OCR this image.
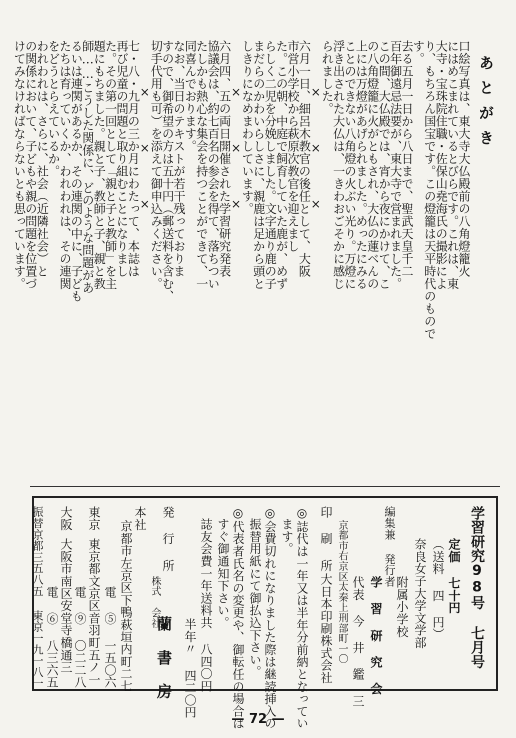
あとがき
口絵写真は、東大寺大仏殿前の八角燈籠火
にはめこまれているとびらです。これは、東
大寺・宝珠院住職・佐保山堯海氏の撮影によ
り、もちろん国宝です。この燈籠は天平時代のもので
す。
去る五月一日から八日まで、聖武天皇千二
百年御遠忌法要が、東大寺で営まれました。
この間、大仏殿では、宵から夜にかけて、こ
の八角燈籠に火がともされ、大仏の蓮ベんの
上には万燈があげられました。めったにみる
ことのできない八角燈の火ぶい光り。万燈に
浮き出された大仏は、一きわおごそかに感じ
られました。
× × ×
六月一日、細呂木教官の後任として、大阪
市営小学校から萩原次教官を迎えまし
た。この朝、中庭で飼育していた鹿が、めず
らしく二児を分娩しました。文字通り鹿の子
まだらのかわいらしさに、親鹿は足から頭と
しきりになめまわしています。
× × ×
六月四、五の両日開催された学習研究発表
協議会は、約七百名の参会を得て、落ちつい
たしかも熱心な集会を持つことができて、一
同喜んでおります。
なお、当日のテキストが若干残っておりま
すので、御希望の方は五十円（郵送料を含む、
切手代用も可）を添えて御申込みください。
× × ×
七・八・九月の三か月にわたって、本誌は
再び児童の問題と取り組むことになりまし
た。その第一回として「親と子と教師」を主
題にもちました。親と子、教師と子、親と教
師……こうした関係に、どのような問題があ
るいは連関があるか、その連関の中に、子ども
たちは育っていくか、われわれは、その連関
をどうとらえているか。
われわれは、さらに、社会（近隣社会）と
の関係において、子どもや親の問題を位置づ
けてみなければならないとも思っています。
学習研究98号
七月号
定価 七十円
（送料 四 円）
奈良女子大学文学部
附属小学校
編集兼 発行者
学 習 研 究 会
代表 今 井 鑑 三
京都市右京区太秦上刑部町一〇
印 刷 所
大日本印刷株式会社
◎誌代は一年又は半年分前納となってい
ます。
◎会費切れになりました際は継読挿入の
振替用紙にて御払込下さい。
◎代表者氏名の変更や、御転任の場合は
すぐ御通知下さい。
誌友会費一年送料共 八四〇円
半年〃 四二〇円
発 行 所
株式 会社
蘭 書 房
本社
京都市左京区下鴨萩垣内町二七
電 ⑤ 一五〇六
東京
東京都文京区音羽町五ノ一
電 ⑨ 〇二二八
大阪
大阪市南区安堂寺橋通三
電 ⑥ 八三六五
振替京都三五八五 東京一九一八一
— 72 —
